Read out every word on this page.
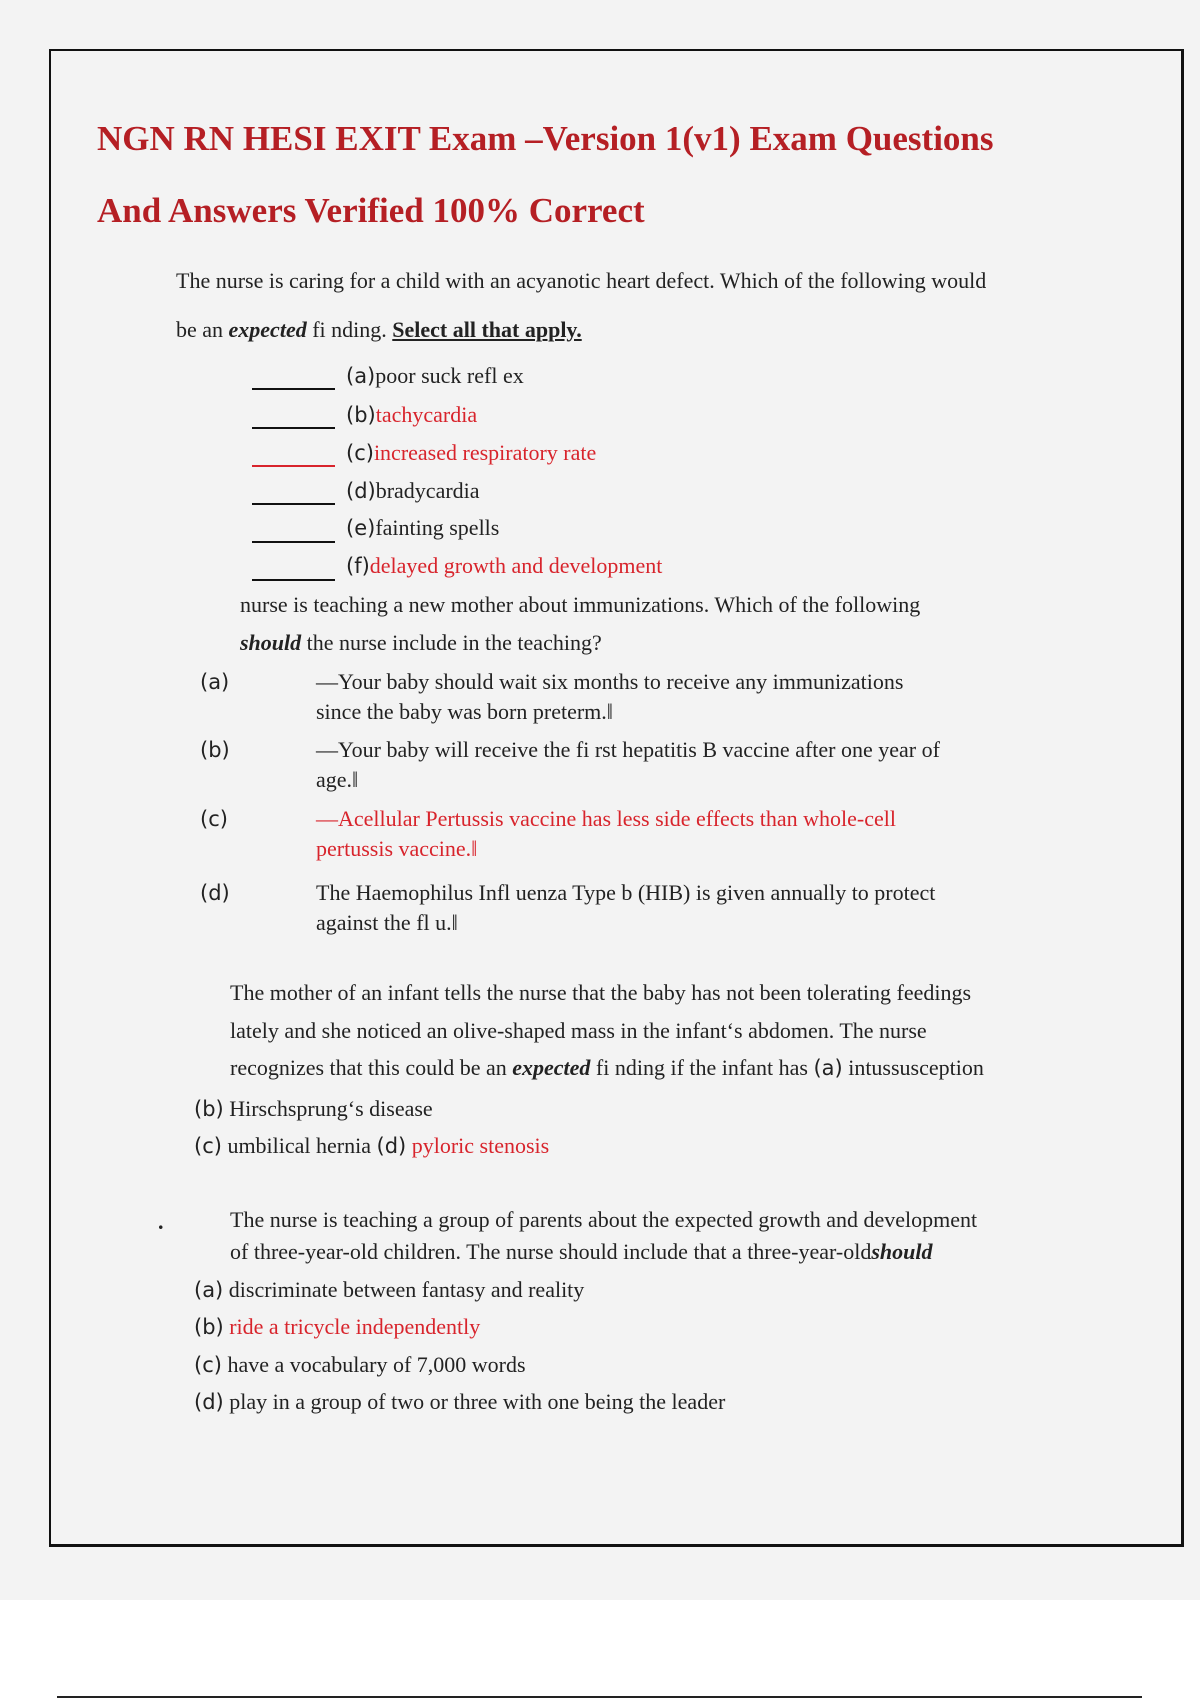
NGN RN HESI EXIT Exam –Version 1(v1) Exam Questions
And Answers Verified 100% Correct
The nurse is caring for a child with an acyanotic heart defect. Which of the following would
be an expected fi nding. Select all that apply.
(a)poor suck refl ex
(b)tachycardia
(c)increased respiratory rate
(d)bradycardia
(e)fainting spells
(f)delayed growth and development
nurse is teaching a new mother about immunizations. Which of the following
should the nurse include in the teaching?
(a)	—Your baby should wait six months to receive any immunizations
since the baby was born preterm.‖
(b)	—Your baby will receive the fi rst hepatitis B vaccine after one year of
age.‖
(c)	—Acellular Pertussis vaccine has less side effects than whole-cell
pertussis vaccine.‖
(d)	The Haemophilus Infl uenza Type b (HIB) is given annually to protect
against the fl u.‖
The mother of an infant tells the nurse that the baby has not been tolerating feedings
lately and she noticed an olive-shaped mass in the infant‘s abdomen. The nurse
recognizes that this could be an expected fi nding if the infant has (a) intussusception
(b) Hirschsprung‘s disease
(c) umbilical hernia (d) pyloric stenosis
.	The nurse is teaching a group of parents about the expected growth and development
of three-year-old children. The nurse should include that a three-year-oldshould
(a) discriminate between fantasy and reality
(b) ride a tricycle independently
(c) have a vocabulary of 7,000 words
(d) play in a group of two or three with one being the leader
